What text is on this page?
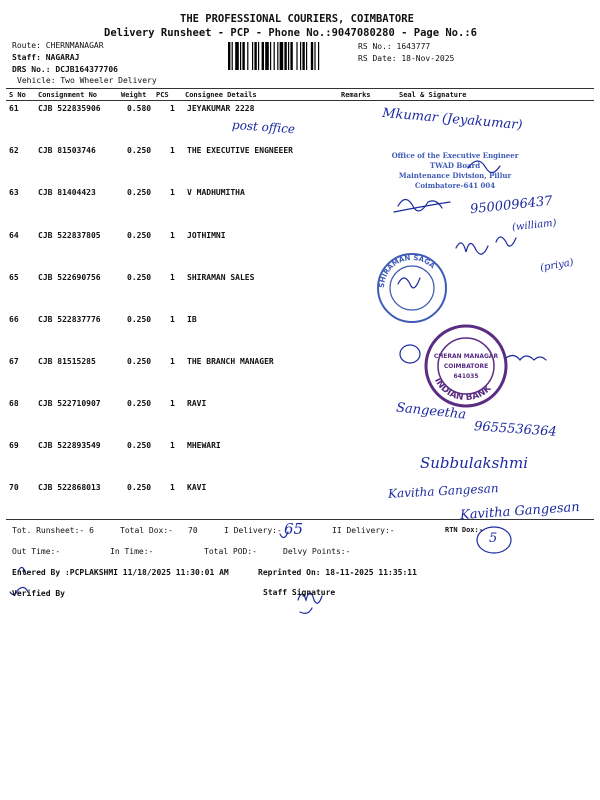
THE PROFESSIONAL COURIERS, COIMBATORE
Delivery Runsheet - PCP - Phone No.:9047080280 - Page No.:6
Route: CHERNMANAGAR
Staff: NAGARAJ
DRS No.: DCJB164377706
Vehicle: Two Wheeler Delivery
RS No.: 1643777
RS Date: 18-Nov-2025
S No Consignment No	Weight PCS Consignee Details	Remarks	Seal & Signature
61 CJB 522835906	0.580 1 JEYAKUMAR 2228
62 CJB 81503746	0.250 1 THE EXECUTIVE ENGNEEER
63 CJB 81404423	0.250 1 V MADHUMITHA
64 CJB 522837805	0.250 1 JOTHIMNI
65 CJB 522690756	0.250 1 SHIRAMAN SALES
66 CJB 522837776	0.250 1 IB
67 CJB 81515285	0.250 1 THE BRANCH MANAGER
68 CJB 522710907	0.250 1 RAVI
69 CJB 522893549	0.250 1 MHEWARI
70 CJB 522868013	0.250 1 KAVI
Office of the Executive Engineer
TWAD Board
Maintenance Division, Pillur
Coimbatore-641 004
SHIRAMAN SAGA
INDIAN BANK
CHERAN MANAGAR
COIMBATORE
641035
post office	Mkumar (Jeyakumar)
9500096437
(william)
(priya)
Sangeetha
9655536364
Subbulakshmi
Kavitha Gangesan
Kavitha Gangesan
Tot. Runsheet:- 6	Total Dox:- 70	I Delivery:- 65	II Delivery:-	RTN Dox:-
5
Out Time:-	In Time:-	Total POD:-	Delvy Points:-
Entered By :PCPLAKSHMI 11/18/2025 11:30:01 AM	Reprinted On: 18-11-2025 11:35:11
Verified By	Staff Signature
